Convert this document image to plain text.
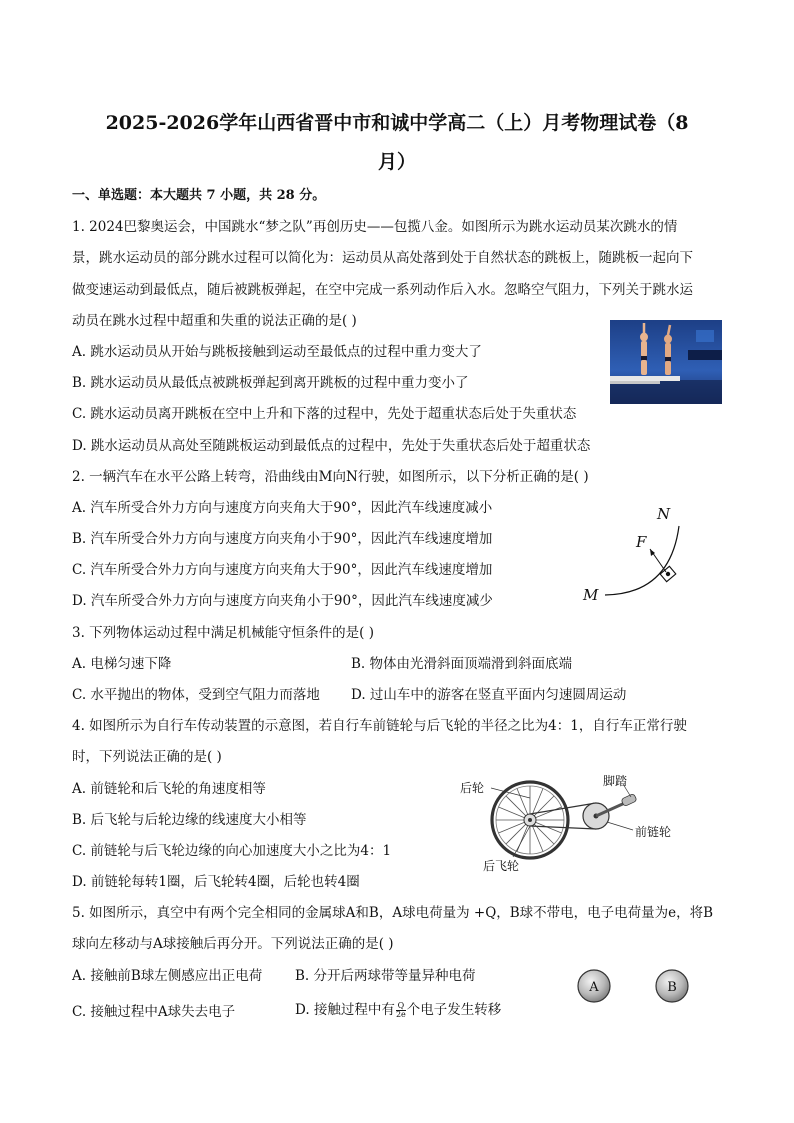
2025-2026学年山西省晋中市和诚中学高二（上）月考物理试卷（8
月）
一、单选题：本大题共 7 小题，共 28 分。
1. 2024巴黎奥运会，中国跳水“梦之队”再创历史——包揽八金。如图所示为跳水运动员某次跳水的情
景，跳水运动员的部分跳水过程可以简化为：运动员从高处落到处于自然状态的跳板上，随跳板一起向下
做变速运动到最低点，随后被跳板弹起，在空中完成一系列动作后入水。忽略空气阻力，下列关于跳水运
动员在跳水过程中超重和失重的说法正确的是( )
A. 跳水运动员从开始与跳板接触到运动至最低点的过程中重力变大了
B. 跳水运动员从最低点被跳板弹起到离开跳板的过程中重力变小了
C. 跳水运动员离开跳板在空中上升和下落的过程中，先处于超重状态后处于失重状态
D. 跳水运动员从高处至随跳板运动到最低点的过程中，先处于失重状态后处于超重状态
2. 一辆汽车在水平公路上转弯，沿曲线由M向N行驶，如图所示，以下分析正确的是( )
A. 汽车所受合外力方向与速度方向夹角大于90°，因此汽车线速度减小
B. 汽车所受合外力方向与速度方向夹角小于90°，因此汽车线速度增加
C. 汽车所受合外力方向与速度方向夹角大于90°，因此汽车线速度增加
D. 汽车所受合外力方向与速度方向夹角小于90°，因此汽车线速度减少
N
F
M
3. 下列物体运动过程中满足机械能守恒条件的是( )
A. 电梯匀速下降	B. 物体由光滑斜面顶端滑到斜面底端
C. 水平抛出的物体，受到空气阻力而落地 D. 过山车中的游客在竖直平面内匀速圆周运动
4. 如图所示为自行车传动装置的示意图，若自行车前链轮与后飞轮的半径之比为4：1，自行车正常行驶
时，下列说法正确的是( )
A. 前链轮和后飞轮的角速度相等
B. 后飞轮与后轮边缘的线速度大小相等
C. 前链轮与后飞轮边缘的向心加速度大小之比为4：1
D. 前链轮每转1圈，后飞轮转4圈，后轮也转4圈
后轮	脚踏
前链轮
后飞轮
5. 如图所示，真空中有两个完全相同的金属球A和B，A球电荷量为 +Q，B球不带电，电子电荷量为e，将B
球向左移动与A球接触后再分开。下列说法正确的是( )
A. 接触前B球左侧感应出正电荷 B. 分开后两球带等量异种电荷
C. 接触过程中A球失去电子	D. 接触过程中有 $\frac{Q}{2e}$ 个电子发生转移
A	B
